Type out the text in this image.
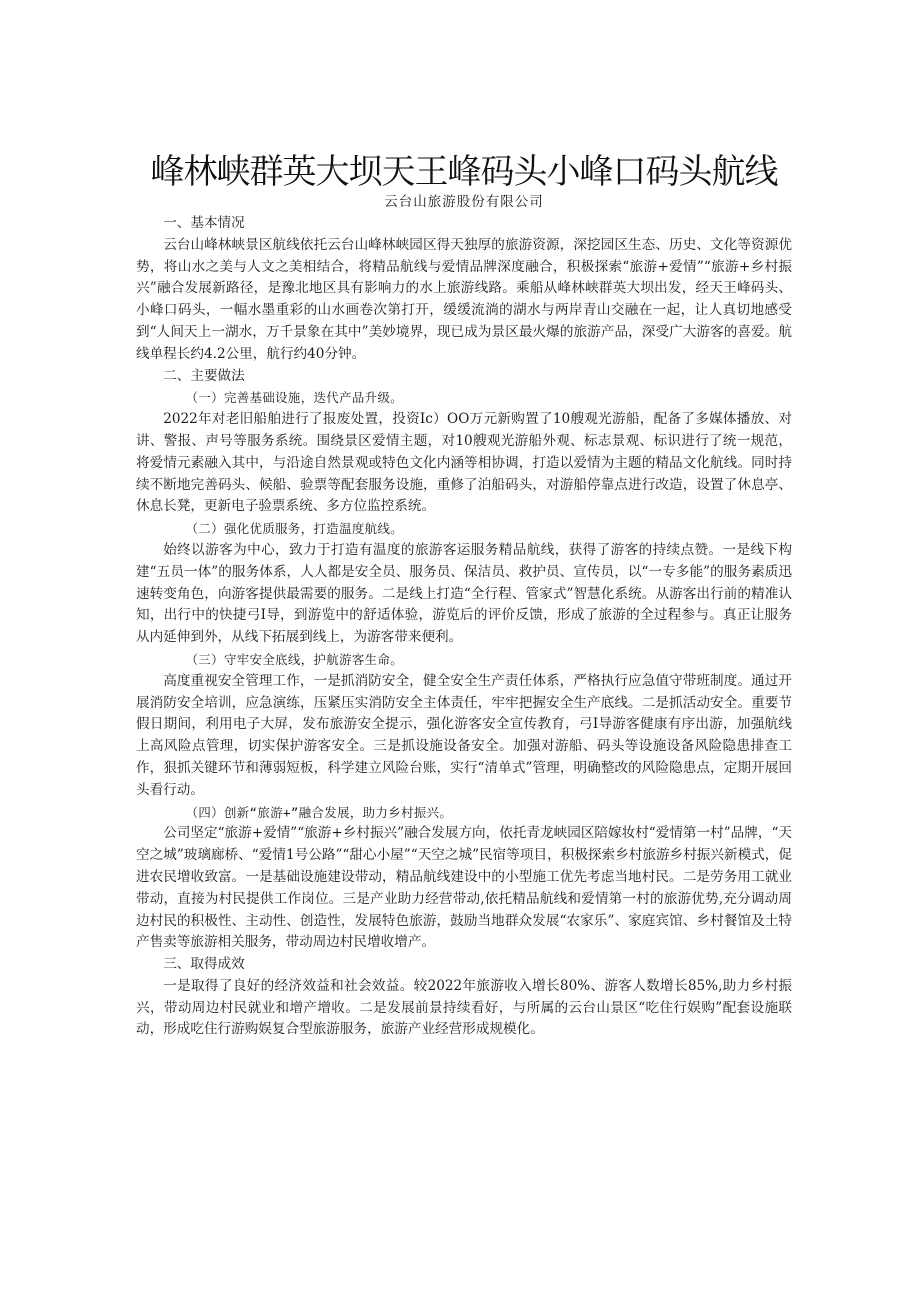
峰林峡群英大坝天王峰码头小峰口码头航线
云台山旅游股份有限公司

一、基本情况

云台山峰林峡景区航线依托云台山峰林峡园区得天独厚的旅游资源，深挖园区生态、历史、文化等资源优势，将山水之美与人文之美相结合，将精品航线与爱情品牌深度融合，积极探索“旅游+爱情”“旅游+乡村振兴”融合发展新路径，是豫北地区具有影响力的水上旅游线路。乘船从峰林峡群英大坝出发，经天王峰码头、小峰口码头，一幅水墨重彩的山水画卷次第打开，缓缓流淌的湖水与两岸青山交融在一起，让人真切地感受到“人间天上一湖水，万千景象在其中”美妙境界，现已成为景区最火爆的旅游产品，深受广大游客的喜爱。航线单程长约4.2公里，航行约40分钟。

二、主要做法

（一）完善基础设施，迭代产品升级。

2022年对老旧船舶进行了报废处置，投资Ic）OO万元新购置了10艘观光游船，配备了多媒体播放、对讲、警报、声号等服务系统。围绕景区爱情主题，对10艘观光游船外观、标志景观、标识进行了统一规范，将爱情元素融入其中，与沿途自然景观或特色文化内涵等相协调，打造以爱情为主题的精品文化航线。同时持续不断地完善码头、候船、验票等配套服务设施，重修了泊船码头，对游船停靠点进行改造，设置了休息亭、休息长凳，更新电子验票系统、多方位监控系统。

（二）强化优质服务，打造温度航线。

始终以游客为中心，致力于打造有温度的旅游客运服务精品航线，获得了游客的持续点赞。一是线下构建“五员一体”的服务体系，人人都是安全员、服务员、保洁员、救护员、宣传员，以“一专多能”的服务素质迅速转变角色，向游客提供最需要的服务。二是线上打造“全行程、管家式”智慧化系统。从游客出行前的精准认知，出行中的快捷弓I导，到游览中的舒适体验，游览后的评价反馈，形成了旅游的全过程参与。真正让服务从内延伸到外，从线下拓展到线上，为游客带来便利。

（三）守牢安全底线，护航游客生命。

高度重视安全管理工作，一是抓消防安全，健全安全生产责任体系，严格执行应急值守带班制度。通过开展消防安全培训，应急演练，压紧压实消防安全主体责任，牢牢把握安全生产底线。二是抓活动安全。重要节假日期间，利用电子大屏，发布旅游安全提示，强化游客安全宣传教育，弓I导游客健康有序出游，加强航线上高风险点管理，切实保护游客安全。三是抓设施设备安全。加强对游船、码头等设施设备风险隐患排查工作，狠抓关键环节和薄弱短板，科学建立风险台账，实行“清单式”管理，明确整改的风险隐患点，定期开展回头看行动。

（四）创新“旅游+”融合发展，助力乡村振兴。

公司坚定“旅游+爱情”“旅游+乡村振兴”融合发展方向，依托青龙峡园区陪嫁妆村“爱情第一村”品牌，“天空之城”玻璃廊桥、“爱情1号公路”“甜心小屋”“天空之城”民宿等项目，积极探索乡村旅游乡村振兴新模式，促进农民增收致富。一是基础设施建设带动，精品航线建设中的小型施工优先考虑当地村民。二是劳务用工就业带动，直接为村民提供工作岗位。三是产业助力经营带动,依托精品航线和爱情第一村的旅游优势,充分调动周边村民的积极性、主动性、创造性，发展特色旅游，鼓励当地群众发展“农家乐”、家庭宾馆、乡村餐馆及土特产售卖等旅游相关服务，带动周边村民增收增产。

三、取得成效

一是取得了良好的经济效益和社会效益。较2022年旅游收入增长80%、游客人数增长85%,助力乡村振兴，带动周边村民就业和增产增收。二是发展前景持续看好，与所属的云台山景区“吃住行娱购”配套设施联动，形成吃住行游购娱复合型旅游服务，旅游产业经营形成规模化。
